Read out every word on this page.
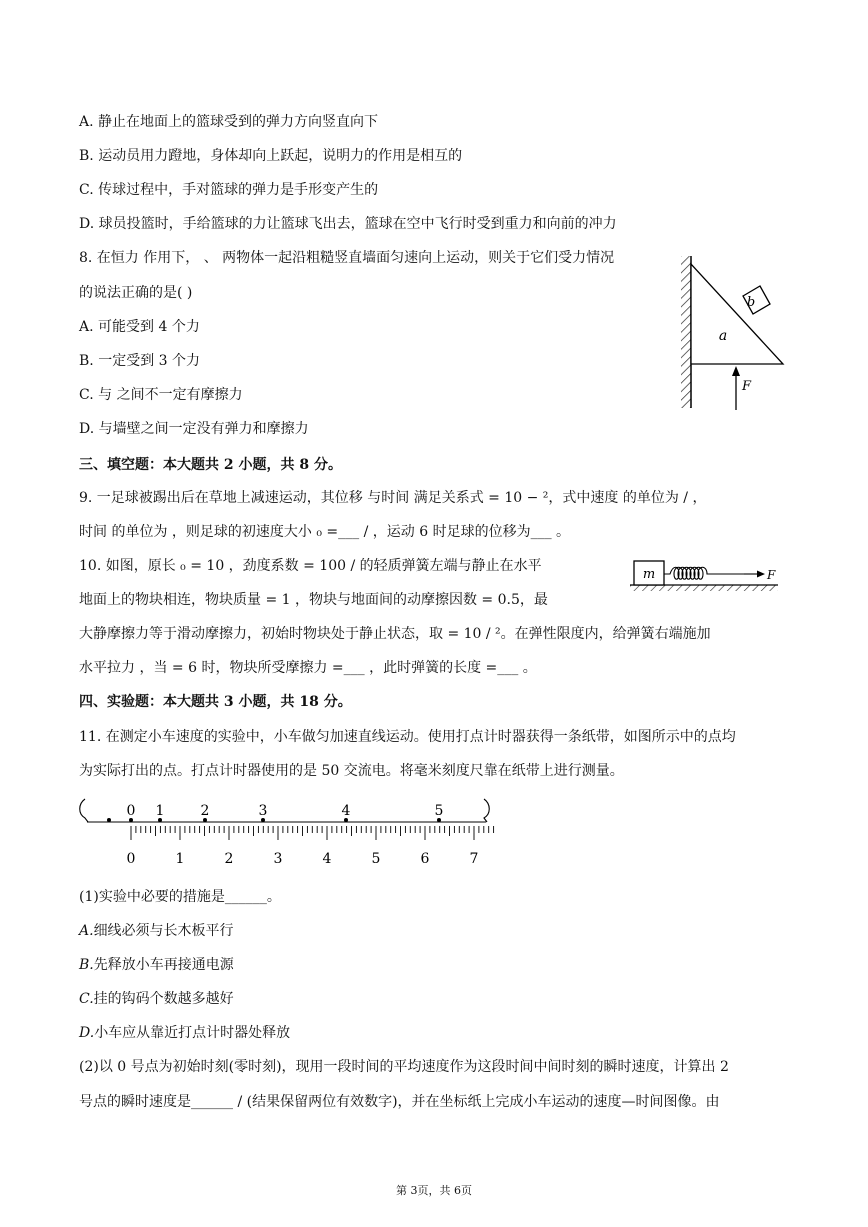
A. 静止在地面上的篮球受到的弹力方向竖直向下
B. 运动员用力蹬地，身体却向上跃起，说明力的作用是相互的
C. 传球过程中，手对篮球的弹力是手形变产生的
D. 球员投篮时，手给篮球的力让篮球飞出去，篮球在空中飞行时受到重力和向前的冲力
8. 在恒力 作用下， 、 两物体一起沿粗糙竖直墙面匀速向上运动，则关于它们受力情况
的说法正确的是( )
A. 可能受到 4 个力
B. 一定受到 3 个力
C. 与 之间不一定有摩擦力
D. 与墙壁之间一定没有弹力和摩擦力
b
a
F
三、填空题：本大题共 2 小题，共 8 分。
9. 一足球被踢出后在草地上减速运动，其位移 与时间 满足关系式 = 10 − ²，式中速度 的单位为 / ，
时间 的单位为 ，则足球的初速度大小 ₀ =___ / ，运动 6 时足球的位移为___ 。
10. 如图，原长 ₀ = 10 ，劲度系数 = 100 / 的轻质弹簧左端与静止在水平
地面上的物块相连，物块质量 = 1 ，物块与地面间的动摩擦因数 = 0.5，最
大静摩擦力等于滑动摩擦力，初始时物块处于静止状态，取 = 10 / ²。在弹性限度内，给弹簧右端施加
水平拉力 ，当 = 6 时，物块所受摩擦力 =___ ，此时弹簧的长度 =___ 。
m	F
四、实验题：本大题共 3 小题，共 18 分。
11. 在测定小车速度的实验中，小车做匀加速直线运动。使用打点计时器获得一条纸带，如图所示中的点均
为实际打出的点。打点计时器使用的是 50 交流电。将毫米刻度尺靠在纸带上进行测量。
0 1	2	3	4	5
0	1	2	3	4	5	6	7
(1)实验中必要的措施是______。
A.细线必须与长木板平行
B.先释放小车再接通电源
C.挂的钩码个数越多越好
D.小车应从靠近打点计时器处释放
(2)以 0 号点为初始时刻(零时刻)，现用一段时间的平均速度作为这段时间中间时刻的瞬时速度，计算出 2
号点的瞬时速度是______ / (结果保留两位有效数字)，并在坐标纸上完成小车运动的速度—时间图像。由
第 3页，共 6页
